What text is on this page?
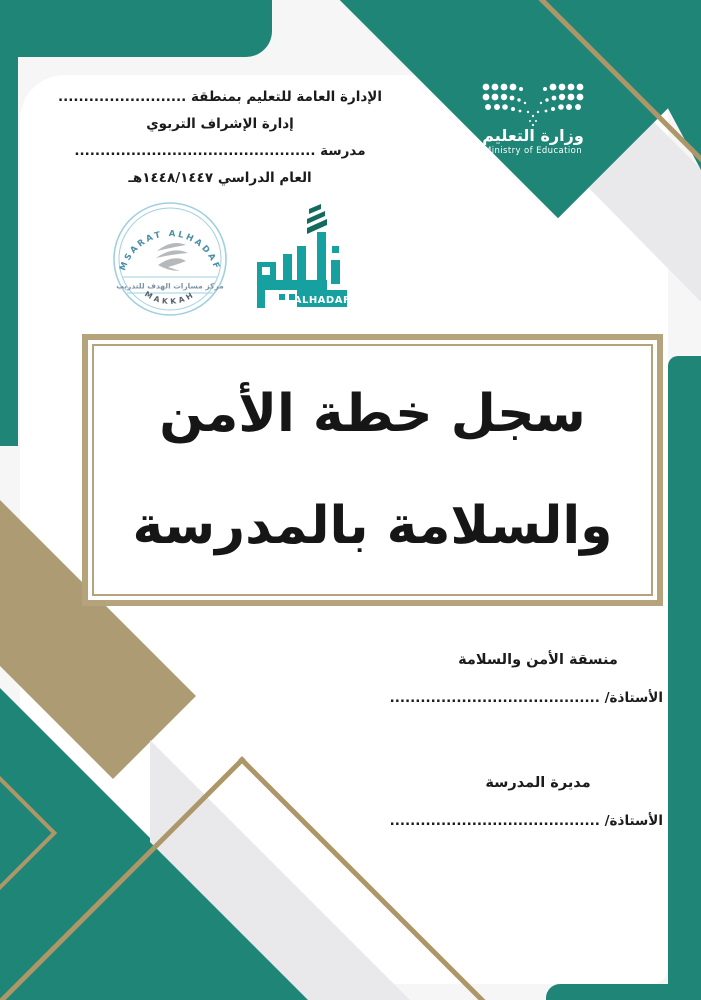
وزارة التعليم
Ministry of Education
الإدارة العامة للتعليم بمنطقة .........................
إدارة الإشراف التربوي
مدرسة ...............................................
العام الدراسي ١٤٤٨/١٤٤٧هـ
MSARAT ALHADAF
مركز مسارات الهدف للتدريب
MAKKAH	ALHADAF
سجل خطة الأمن
والسلامة بالمدرسة
منسقة الأمن والسلامة
الأستاذة/ .........................................
مديرة المدرسة
الأستاذة/ .........................................
